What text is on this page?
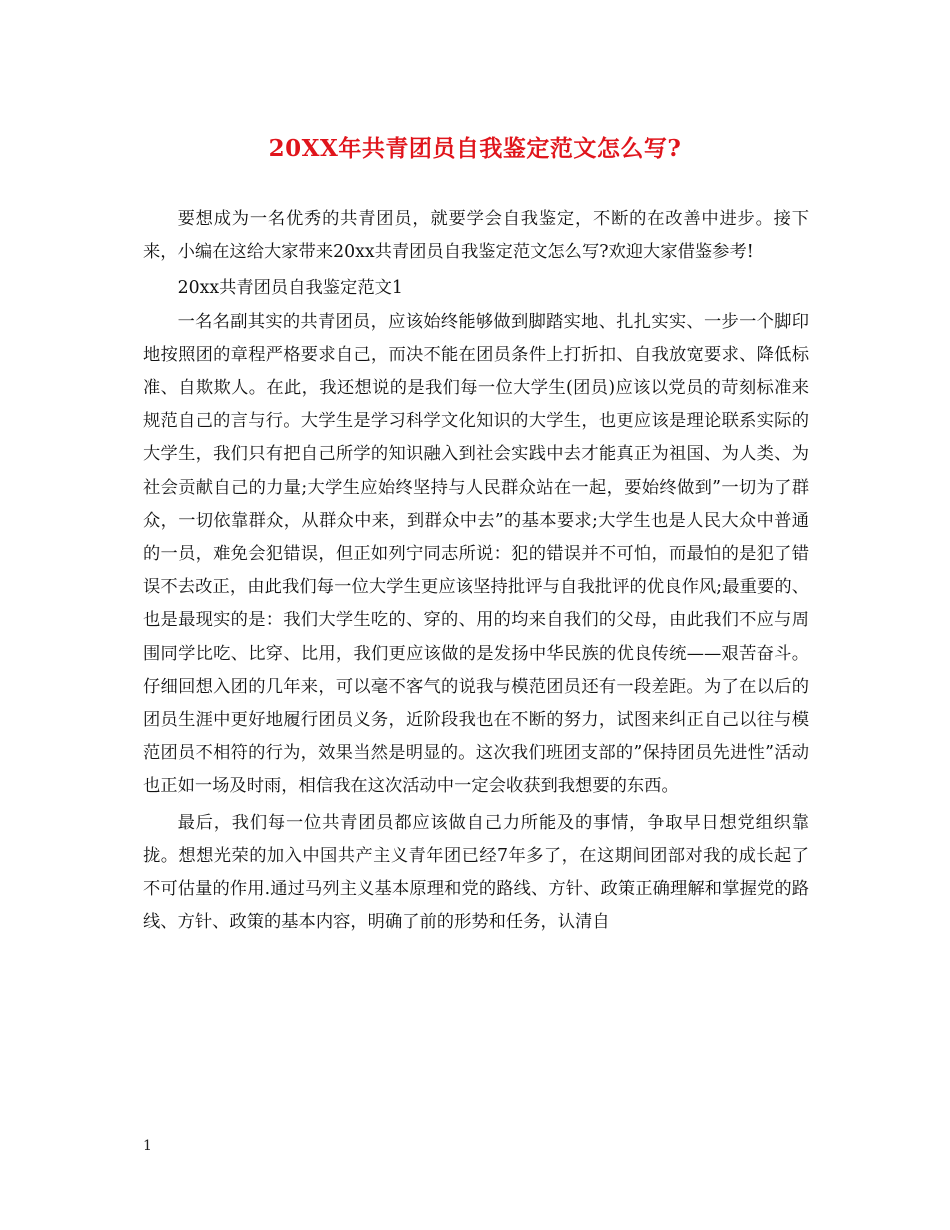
20XX年共青团员自我鉴定范文怎么写?

要想成为一名优秀的共青团员，就要学会自我鉴定，不断的在改善中进步。接下来，小编在这给大家带来20xx共青团员自我鉴定范文怎么写?欢迎大家借鉴参考!

20xx共青团员自我鉴定范文1

一名名副其实的共青团员，应该始终能够做到脚踏实地、扎扎实实、一步一个脚印地按照团的章程严格要求自己，而决不能在团员条件上打折扣、自我放宽要求、降低标准、自欺欺人。在此，我还想说的是我们每一位大学生(团员)应该以党员的苛刻标准来规范自己的言与行。大学生是学习科学文化知识的大学生，也更应该是理论联系实际的大学生，我们只有把自己所学的知识融入到社会实践中去才能真正为祖国、为人类、为社会贡献自己的力量;大学生应始终坚持与人民群众站在一起，要始终做到”一切为了群众，一切依靠群众，从群众中来，到群众中去”的基本要求;大学生也是人民大众中普通的一员，难免会犯错误，但正如列宁同志所说：犯的错误并不可怕，而最怕的是犯了错误不去改正，由此我们每一位大学生更应该坚持批评与自我批评的优良作风;最重要的、也是最现实的是：我们大学生吃的、穿的、用的均来自我们的父母，由此我们不应与周围同学比吃、比穿、比用，我们更应该做的是发扬中华民族的优良传统——艰苦奋斗。仔细回想入团的几年来，可以毫不客气的说我与模范团员还有一段差距。为了在以后的团员生涯中更好地履行团员义务，近阶段我也在不断的努力，试图来纠正自己以往与模范团员不相符的行为，效果当然是明显的。这次我们班团支部的”保持团员先进性”活动也正如一场及时雨，相信我在这次活动中一定会收获到我想要的东西。

最后，我们每一位共青团员都应该做自己力所能及的事情，争取早日想党组织靠拢。想想光荣的加入中国共产主义青年团已经7年多了，在这期间团部对我的成长起了不可估量的作用.通过马列主义基本原理和党的路线、方针、政策正确理解和掌握党的路线、方针、政策的基本内容，明确了前的形势和任务，认清自

1
